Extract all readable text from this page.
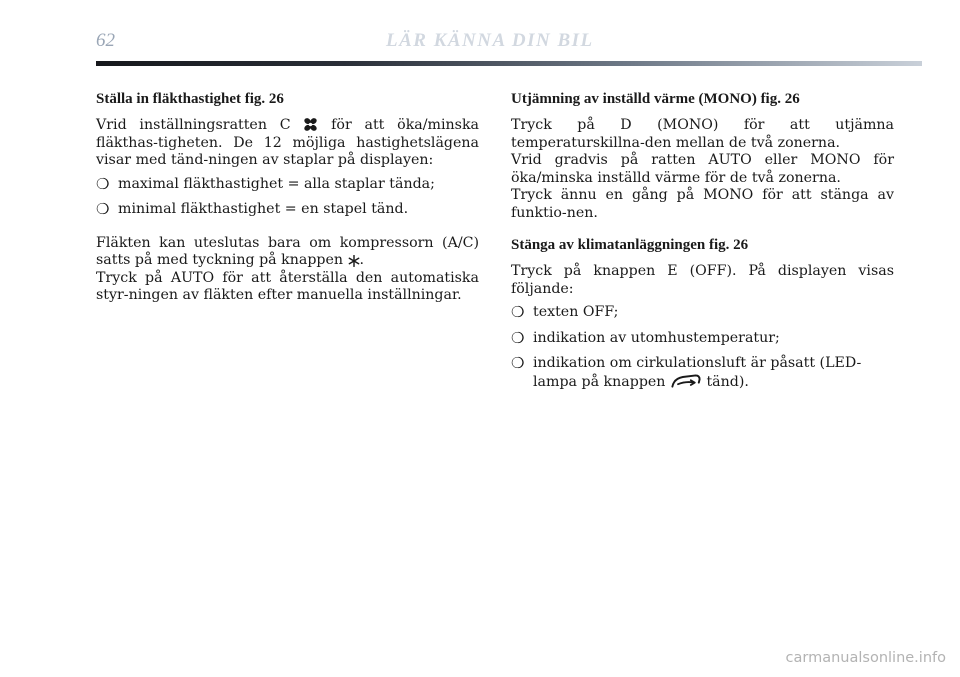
62	LÄR KÄNNA DIN BIL
Ställa in fläkthastighet fig. 26

Vrid inställningsratten C	för att öka/minska fläkthas-tigheten. De 12 möjliga hastighetslägena visar med tänd-ningen av staplar på displayen:

❍ maximal fläkthastighet = alla staplar tända;
❍ minimal fläkthastighet = en stapel tänd.

Fläkten kan uteslutas bara om kompressorn (A/C) satts på med tyckning på knappen .

Tryck på AUTO för att återställa den automatiska styr-ningen av fläkten efter manuella inställningar.

Utjämning av inställd värme (MONO) fig. 26

Tryck på D (MONO) för att utjämna temperaturskillna-den mellan de två zonerna.

Vrid gradvis på ratten AUTO eller MONO för öka/minska inställd värme för de två zonerna.

Tryck ännu en gång på MONO för att stänga av funktio-nen.

Stänga av klimatanläggningen fig. 26

Tryck på knappen E (OFF). På displayen visas följande:

❍ texten OFF;
❍ indikation av utomhustemperatur;
❍ indikation om cirkulationsluft är påsatt (LED-lampa på knappen	tänd).
carmanualsonline.info
